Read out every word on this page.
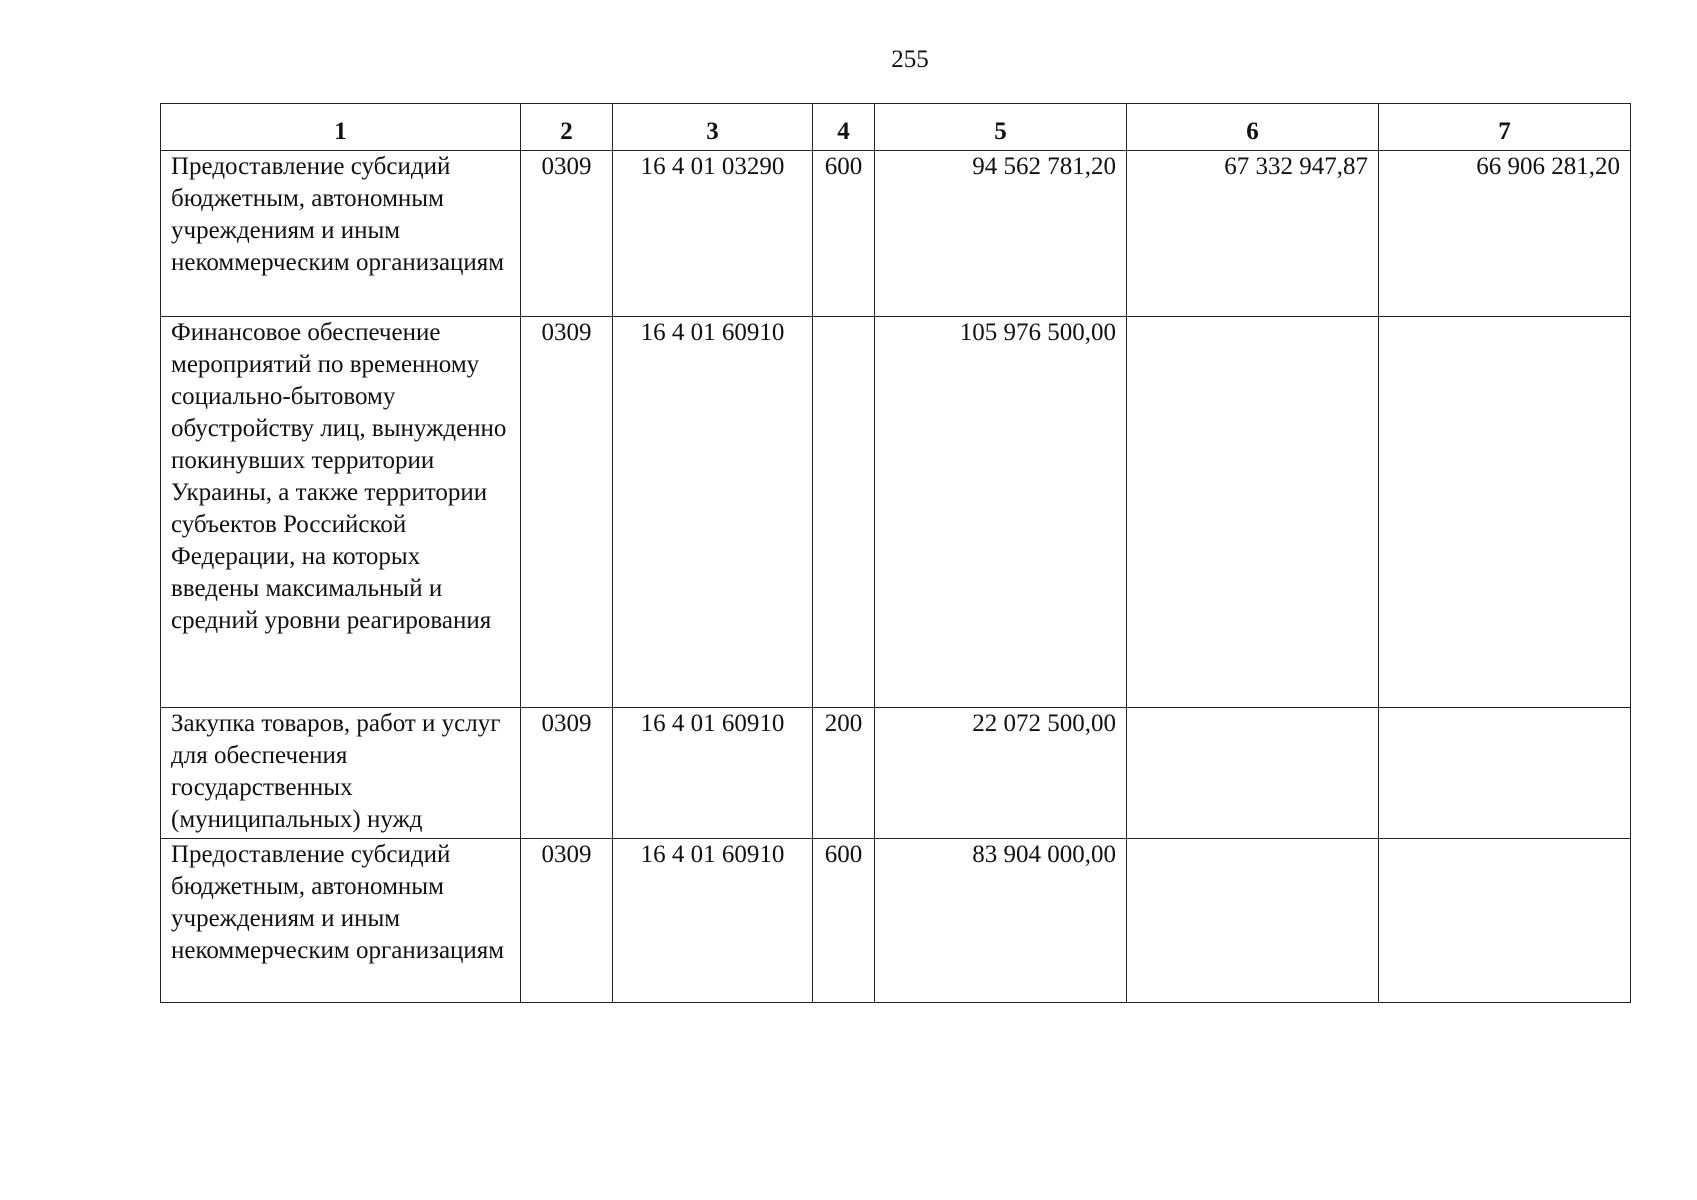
255
1	2	3	4	5	6	7
Предоставление субсидий бюджетным, автономным учреждениям и иным некоммерческим организациям	0309	16 4 01 03290	600	94 562 781,20	67 332 947,87	66 906 281,20
Финансовое обеспечение мероприятий по временному социально-бытовому обустройству лиц, вынужденно покинувших территории Украины, а также территории субъектов Российской Федерации, на которых введены максимальный и средний уровни реагирования	0309	16 4 01 60910		105 976 500,00		
Закупка товаров, работ и услуг для обеспечения государственных (муниципальных) нужд	0309	16 4 01 60910	200	22 072 500,00		
Предоставление субсидий бюджетным, автономным учреждениям и иным некоммерческим организациям	0309	16 4 01 60910	600	83 904 000,00		
